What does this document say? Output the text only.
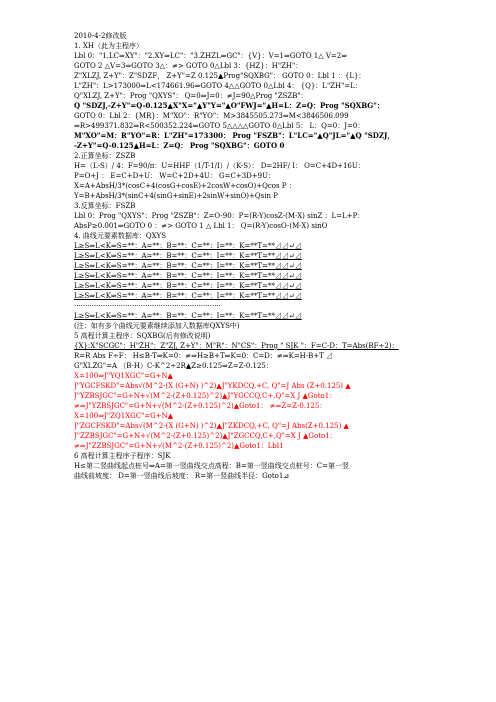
2010-4-2修改版
1. XH（此为主程序）
Lbl 0："1.LC⇒XY"："2.XY⇒LC"："3.ZHZL⇒GC"：{V}：V=1⇒GOTO 1△ V=2⇒
GOTO 2 △V=3⇒GOTO 3△：≠> GOTO 0△Lbl 3：{HZ}：H"ZH"：
Z"XLZJ, Z+Y"：Z"SDZF， Z+Y"=Z 0.125▲Prog"SQXBG"： GOTO 0：Lbl 1 ：{L}：
L"ZH"：L>173000⇒L<174661.96⇒GOTO 4△△GOTO 0△Lbl 4： {Q}：L"ZH"=L：
Q"XLZJ, Z+Y"：Prog "QXYS"： Q=0⇒J=0：≠J=90△Prog "ZSZB"：
Q "SDZJ,-Z+Y"=Q-0.125▲X"X="▲Y"Y="▲O"FWJ="▲H=L：Z=Q：Prog "SQXBG"：
GOTO 0：Lbl 2：{MR}：M"XO"：R"YO"：M>3845505.273⇒M<3846506.099
⇒R>499371.832⇒R<500352.224⇒GOTO 5△△△△GOTO 0△Lbl 5： L：Q=0：J=0：
M"XO"=M：R"YO"=R：L"ZH"=173300： Prog "FSZB"：L"LC="▲Q"JL="▲Q "SDZJ，
-Z+Y"=Q-0.125▲H=L：Z=Q： Prog "SQXBG"：GOTO 0
2.正算坐标：ZSZB
H=（L-S）/ 4：F=90/π：U=HHF（1/T-1/I）/（K-S）： D=2HF/ I： O=C+4D+16U：
P=O+J ： E=C+D+U： W=C+2D+4U： G=C+3D+9U：
X=A+AbsH/3*(cosC+4(cosG+cosE)+2cosW+cosO)+Qcos P ：
Y=B+AbsH/3*(sinC+4(sinG+sinE)+2sinW+sinO)+Qsin P
3.反算坐标：FSZB
Lbl 0：Prog "QXYS"：Prog "ZSZB"：Z=O-90：P=(R-Y)cosZ-(M-X) sinZ ：L=L+P：
AbsP≥0.001⇒GOTO 0 ：≠> GOTO 1 △ Lbl 1： Q=(R-Y)cosO-(M-X) sinO
4. 曲线元要素数据库：QXYS
L≥S⇒L<K⇒S=**：A=**：B=**：C=**：I=**：K=**T=**⊿⊿↵⊿
L≥S⇒L<K⇒S=**：A=**：B=**：C=**：I=**：K=**T=**⊿⊿↵⊿
L≥S⇒L<K⇒S=**：A=**：B=**：C=**：I=**：K=**T=**⊿⊿↵⊿
L≥S⇒L<K⇒S=**：A=**：B=**：C=**：I=**：K=**T=**⊿⊿↵⊿
L≥S⇒L<K⇒S=**：A=**：B=**：C=**：I=**：K=**T=**⊿⊿↵⊿
L≥S⇒L<K⇒S=**：A=**：B=**：C=**：I=**：K=**T=**⊿⊿↵⊿
··································································
L≥S⇒L<K⇒S=**：A=**：B=**：C=**：I=**：K=**T=**⊿⊿↵⊿
(注：如有多个曲线元要素继续添加入数据库QXYS中)
5 高程计算主程序：SQXBG(后有修改说明)
{X}:X"SCGC"：H"ZH"：Z"ZJ, Z+Y"：M"R"：N"CS"：Prog " SJK "：F=C-D：T=Abs(RF÷2)：
R=R Abs F÷F： H≤B-T⇒K=0：≠⇒H≥B+T⇒K=0：C=D：≠⇒K=H-B+T ⊿
G"XLZG"=A （B-H）C-K^2÷2R▲Z≥0.125⇒Z=Z-0.125：
X=100⇒J"YQ1XGC"=G+N▲
J"YGCFSKD"=Abs√(M^2-(X (G+N) )^2)▲J"YKDCQ,+C, Q"=J Abs (Z+0.125) ▲
J"YZBSJGC"=G+N+√(M^2-(Z+0.125)^2)▲J"YGCCQ,C+,Q"=X J ▲Goto1：
≠⇒J"YZBSJGC"=G+N+√(M^2-(Z+0.125)^2)▲Goto1： ≠⇒Z=Z-0.125：
X=100⇒J"ZQ1XGC"=G+N▲
J"ZGCFSKD"=Abs√(M^2-(X (G+N) )^2)▲J"ZKDCQ,+C, Q"=J Abs(Z+0.125) ▲
J"ZZBSJGC"=G+N+√(M^2-(Z+0.125)^2)▲J"ZGCCQ,C+,Q"=X J ▲Goto1：
≠⇒J"ZZBSJGC"=G+N+√(M^2-(Z+0.125)^2)▲Goto1：Lbl1
6 高程计算主程序子程序：SJK
H≤第二竖曲线起点桩号⇒A=第一竖曲线交点高程：B=第一竖曲线交点桩号：C=第一竖
曲线前坡度： D=第一竖曲线后坡度： R=第一竖曲线半径：Goto1⊿
